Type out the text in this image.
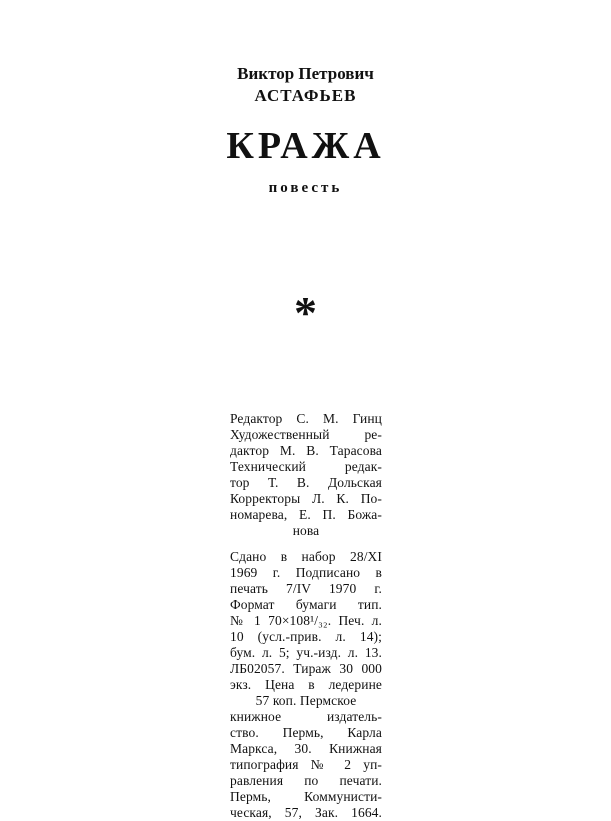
Виктор Петрович
АСТАФЬЕВ
КРАЖА
повесть
*
Редактор С. М. Гинц
Художественный ре-
дактор М. В. Тарасова
Технический редак-
тор Т. В. Дольская
Корректоры Л. К. По-
номарева, Е. П. Божа-
нова
Сдано в набор 28/XI
1969 г. Подписано в
печать 7/IV 1970 г.
Формат бумаги тип.
№ 1 70×108¹/₃₂. Печ. л.
10 (усл.-прив. л. 14);
бум. л. 5; уч.-изд. л. 13.
ЛБ02057. Тираж 30 000
экз. Цена в ледерине
57 коп. Пермское
книжное издатель-
ство. Пермь, Карла
Маркса, 30. Книжная
типография № 2 уп-
равления по печати.
Пермь, Коммунисти-
ческая, 57, Зак. 1664.
